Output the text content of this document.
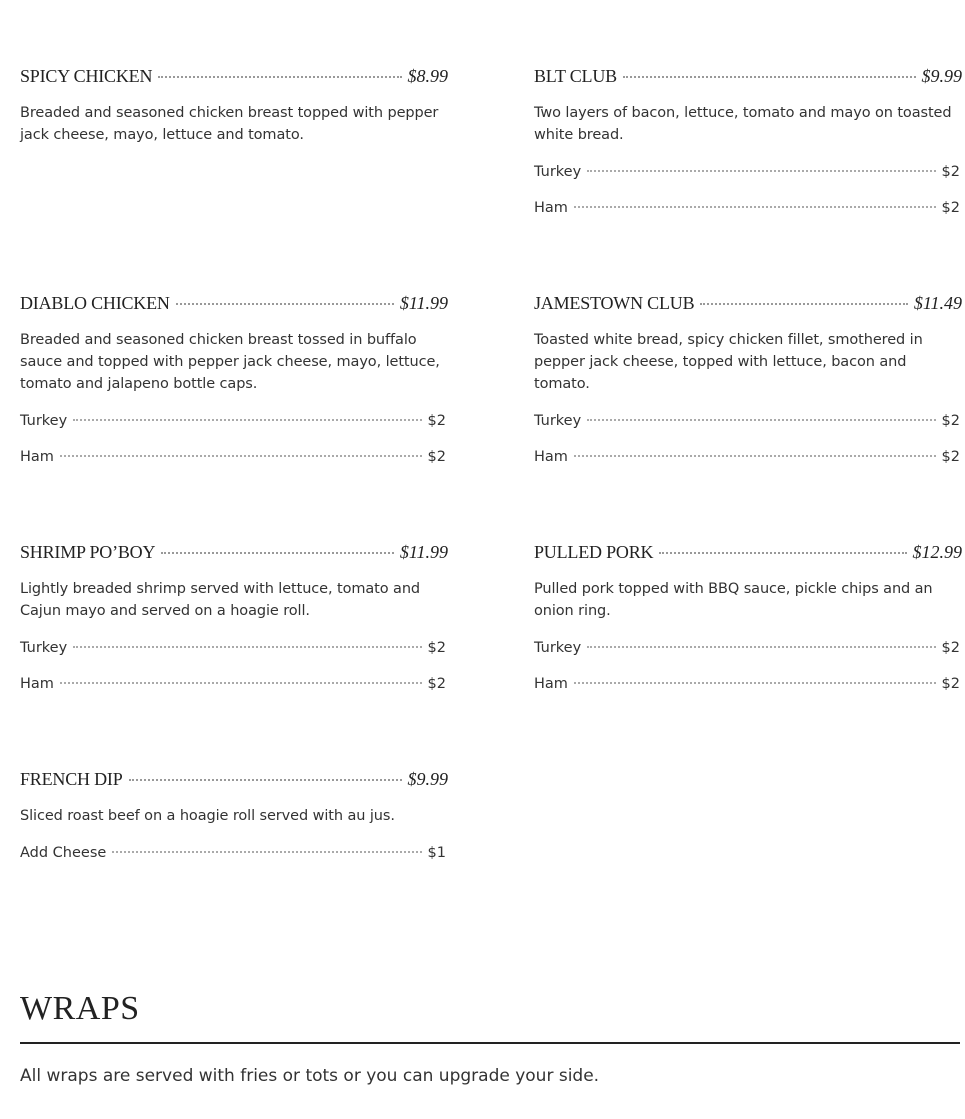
SPICY CHICKEN	$8.99
Breaded and seasoned chicken breast topped with pepper jack cheese, mayo, lettuce and tomato.
BLT CLUB	$9.99
Two layers of bacon, lettuce, tomato and mayo on toasted white bread.
Turkey	$2
Ham	$2
DIABLO CHICKEN	$11.99
Breaded and seasoned chicken breast tossed in buffalo sauce and topped with pepper jack cheese, mayo, lettuce, tomato and jalapeno bottle caps.
Turkey	$2
Ham	$2
JAMESTOWN CLUB	$11.49
Toasted white bread, spicy chicken fillet, smothered in pepper jack cheese, topped with lettuce, bacon and tomato.
Turkey	$2
Ham	$2
SHRIMP PO’BOY	$11.99
Lightly breaded shrimp served with lettuce, tomato and Cajun mayo and served on a hoagie roll.
Turkey	$2
Ham	$2
PULLED PORK	$12.99
Pulled pork topped with BBQ sauce, pickle chips and an onion ring.
Turkey	$2
Ham	$2
FRENCH DIP	$9.99
Sliced roast beef on a hoagie roll served with au jus.
Add Cheese	$1
WRAPS
All wraps are served with fries or tots or you can upgrade your side.
